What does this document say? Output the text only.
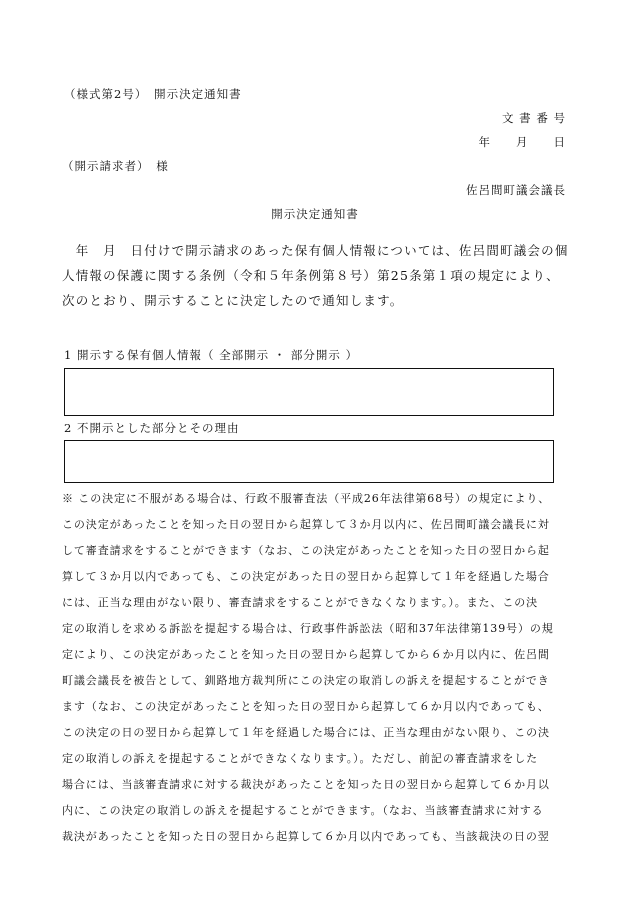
（様式第2号）　開示決定通知書
文 書 番 号
年　　月　　日
（開示請求者）　様
佐呂間町議会議長
開示決定通知書
　年　月　日付けで開示請求のあった保有個人情報については、佐呂間町議会の個
人情報の保護に関する条例（令和５年条例第８号）第25条第１項の規定により、
次のとおり、開示することに決定したので通知します。
1 開示する保有個人情報（ 全部開示 ・ 部分開示 ）
2 不開示とした部分とその理由
※ この決定に不服がある場合は、行政不服審査法（平成26年法律第68号）の規定により、
この決定があったことを知った日の翌日から起算して３か月以内に、佐呂間町議会議長に対
して審査請求をすることができます（なお、この決定があったことを知った日の翌日から起
算して３か月以内であっても、この決定があった日の翌日から起算して１年を経過した場合
には、正当な理由がない限り、審査請求をすることができなくなります。）。また、この決
定の取消しを求める訴訟を提起する場合は、行政事件訴訟法（昭和37年法律第139号）の規
定により、この決定があったことを知った日の翌日から起算してから６か月以内に、佐呂間
町議会議長を被告として、釧路地方裁判所にこの決定の取消しの訴えを提起することができ
ます（なお、この決定があったことを知った日の翌日から起算して６か月以内であっても、
この決定の日の翌日から起算して１年を経過した場合には、正当な理由がない限り、この決
定の取消しの訴えを提起することができなくなります。）。ただし、前記の審査請求をした
場合には、当該審査請求に対する裁決があったことを知った日の翌日から起算して６か月以
内に、この決定の取消しの訴えを提起することができます。（なお、当該審査請求に対する
裁決があったことを知った日の翌日から起算して６か月以内であっても、当該裁決の日の翌
